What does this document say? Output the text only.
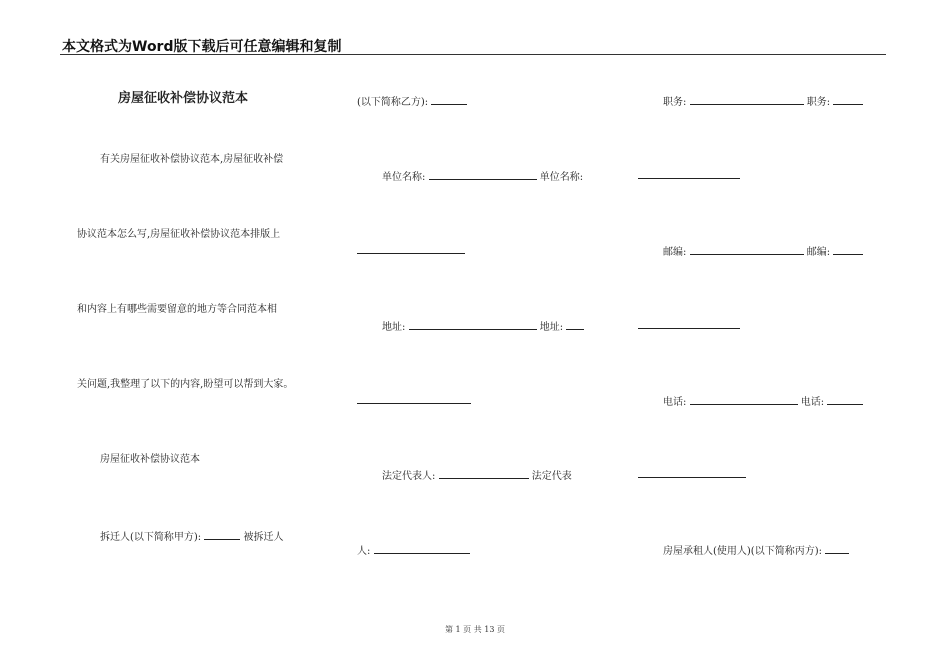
本文格式为Word版下载后可任意编辑和复制
房屋征收补偿协议范本
有关房屋征收补偿协议范本,房屋征收补偿
协议范本怎么写,房屋征收补偿协议范本排版上
和内容上有哪些需要留意的地方等合同范本相
关问题,我整理了以下的内容,盼望可以帮到大家。
房屋征收补偿协议范本
拆迁人(以下简称甲方):	被拆迁人
(以下简称乙方):
单位名称:	单位名称:
地址:	地址:
法定代表人:	法定代表
人:
职务:	职务:
邮编:	邮编:
电话:	电话:
房屋承租人(使用人)(以下简称丙方):
第 1 页 共 13 页
